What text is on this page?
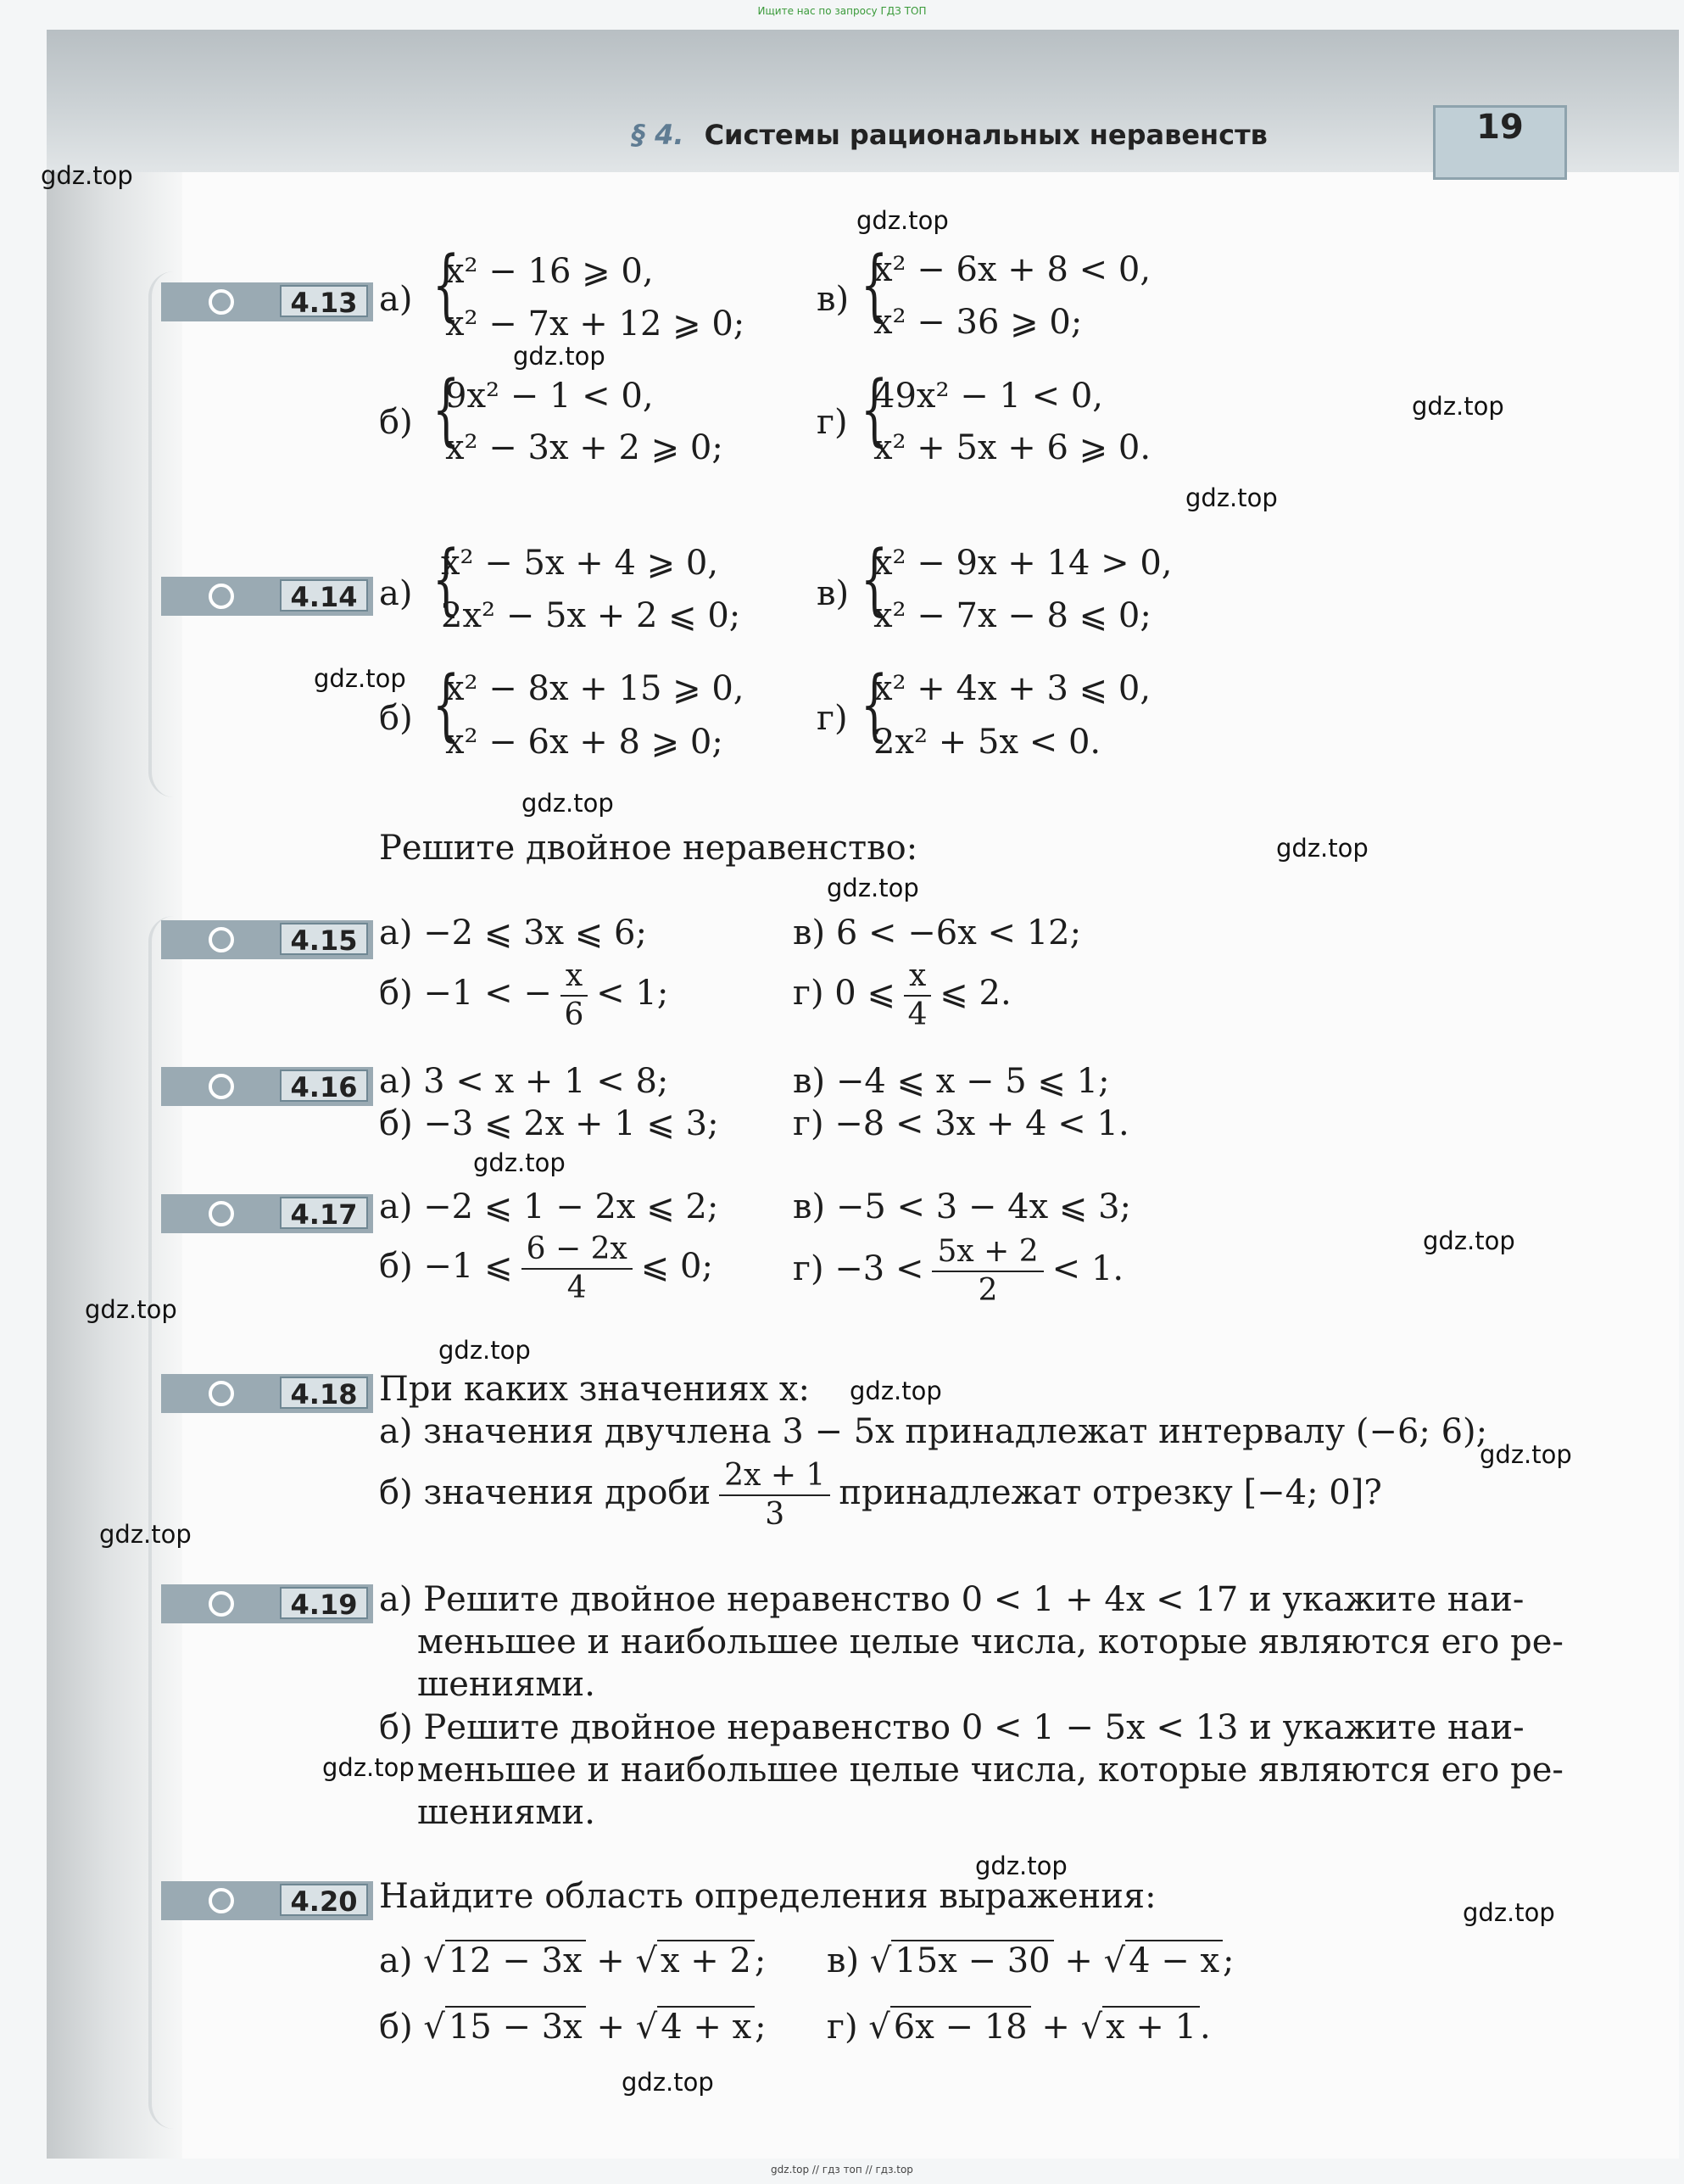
Ищите нас по запросу ГДЗ ТОП
§ 4. Системы рациональных неравенств	19
gdz.top
gdz.top
gdz.top
gdz.top
gdz.top
gdz.top
gdz.top
gdz.top
gdz.top
gdz.top
gdz.top
gdz.top
gdz.top
gdz.top
gdz.top
gdz.top
gdz.top
gdz.top
gdz.top
gdz.top
4.13 а) {
x² − 16 ⩾ 0,
x² − 7x + 12 ⩾ 0;
в) {
x² − 6x + 8 < 0,
x² − 36 ⩾ 0;
б) {
9x² − 1 < 0,
x² − 3x + 2 ⩾ 0;
г) {
49x² − 1 < 0,
x² + 5x + 6 ⩾ 0.
4.14 а) {
x² − 5x + 4 ⩾ 0,
2x² − 5x + 2 ⩽ 0;
в) {
x² − 9x + 14 > 0,
x² − 7x − 8 ⩽ 0;
б) {
x² − 8x + 15 ⩾ 0,
x² − 6x + 8 ⩾ 0;
г) {
x² + 4x + 3 ⩽ 0,
2x² + 5x < 0.
Решите двойное неравенство:
4.15 а) −2 ⩽ 3x ⩽ 6;	в) 6 < −6x < 12;
б) −1 < − $\frac{x}{6} < 1$;	г) 0 ⩽ $\frac{x}{4}$ ⩽ 2.
4.16 а) 3 < x + 1 < 8;	в) −4 ⩽ x − 5 ⩽ 1;
б) −3 ⩽ 2x + 1 ⩽ 3; г) −8 < 3x + 4 < 1.
4.17 а) −2 ⩽ 1 − 2x ⩽ 2; в) −5 < 3 − 4x ⩽ 3;
б) −1 ⩽ $\frac{6 - 2x}{4}$ ⩽ 0; $г) -3 < \frac{5x + 2}{2} < 1$.
4.18 При каких значениях x:
а) значения двучлена 3 − 5x принадлежат интервалу (−6; 6);
б) значения дроби $\frac{2x + 1}{3}$ принадлежат отрезку [−4; 0]?
4.19 а) Решите двойное неравенство 0 < 1 + 4x < 17 и укажите наи-
меньшее и наибольшее целые числа, которые являются его ре-
шениями.
б) Решите двойное неравенство 0 < 1 − 5x < 13 и укажите наи-
меньшее и наибольшее целые числа, которые являются его ре-
шениями.
4.20 Найдите область определения выражения:
а) √ 12 − 3x + √ x + 2 ; в) √ 15x − 30 + √ 4 − x ;
б) √ 15 − 3x + √ 4 + x ; г) √ 6x − 18 + √ x + 1 .
gdz.top // гдз топ // гдз.top
